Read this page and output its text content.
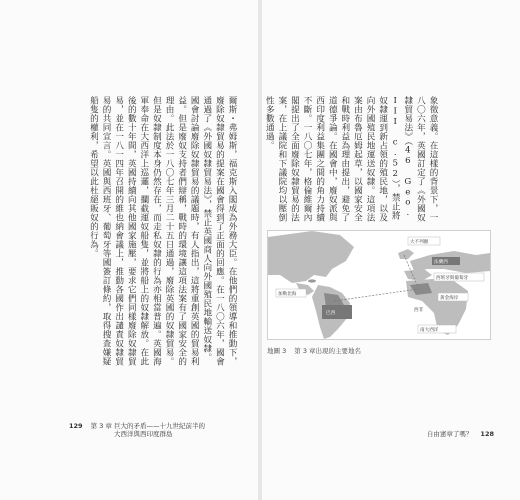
爾斯・弗姆斯，福克斯入閣成為外務大臣。在他們的領導和推動下，廢除奴隸貿易的提案在國會得到了正面的回應。在一八〇六年，國會通過了《外國奴隸貿易法》，禁止英國商人向外國殖民地輸送奴隸。國會討論廢除奴隸貿易的議題時，有人指出，這將重創英國的貿易利益。但是廢奴支持者們辯稱，戰時的環境讓這項法案有了國家安全的理由。此法於一八〇七年三月二十五日通過，廢除英國的奴隸貿易。但是奴隸制度本身仍然存在，而走私奴隸的行為亦相當普遍。英國海軍奉命在大西洋上巡邏，攔截運奴船隻，並將船上的奴隸解放。在此後的數十年間，英國持續向其他國家施壓，要求它們同樣廢除奴隸貿易，並在一八一四年召開的維也納會議上，推動各國作出譴責奴隸貿易的共同宣言。英國與西班牙、葡萄牙等國簽訂條約，取得搜查嫌疑船隻的權利，希望以此杜絕販奴的行為。
129 第 3 章 巨大的矛盾——十九世紀前半的
大西洋與西印度群島
象徵意義。在這樣的背景下，一八〇六年，英國訂定了《外國奴隸貿易法》（46 Geo. III c.52），禁止將奴隸運到新占領的殖民地，以及向外國殖民地運送奴隸。這項法案由布魯厄姆起草，以國家安全和戰時利益為理由提出，避免了道德爭論。在國會中，廢奴派與西印度利益集團之間的角力持續不斷。一八〇七年，格倫維爾內閣提出了全面廢除奴隸貿易的法案，在上議院和下議院均以壓倒性多數通過。
大不列顛
法蘭西
西班牙與葡萄牙
黃金海岸
西非
加勒比海
巴西
南大西洋
地圖 3 第 3 章出現的主要地名
自由憲章了嗎？ 128
